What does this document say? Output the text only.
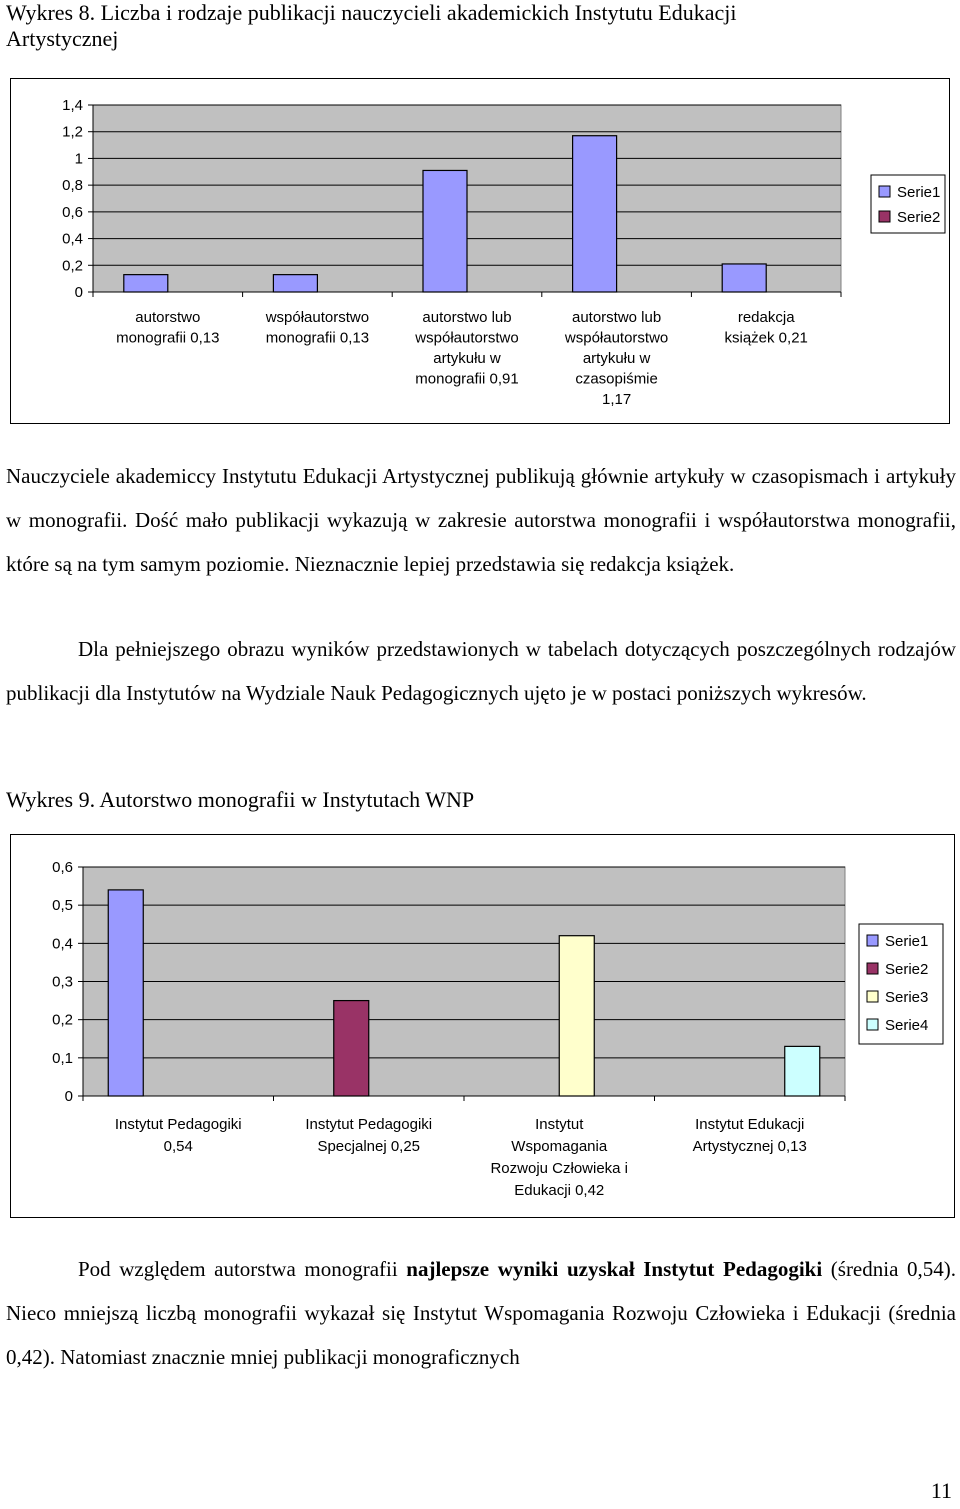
Wykres 8. Liczba i rodzaje publikacji nauczycieli akademickich Instytutu Edukacji
Artystycznej
0
0,2
0,4
0,6
0,8
1
1,2
1,4
autorstwo monografii 0,13
współautorstwo monografii 0,13
autorstwo lub współautorstwo artykułu w monografii 0,91
autorstwo lub współautorstwo artykułu w czasopiśmie 1,17
redakcja książek 0,21
Serie1
Serie2
Nauczyciele akademiccy Instytutu Edukacji Artystycznej publikują głównie artykuły w czasopismach i artykuły w monografii. Dość mało publikacji wykazują w zakresie autorstwa monografii i współautorstwa monografii, które są na tym samym poziomie. Nieznacznie lepiej przedstawia się redakcja książek.
Dla pełniejszego obrazu wyników przedstawionych w tabelach dotyczących poszczególnych rodzajów publikacji dla Instytutów na Wydziale Nauk Pedagogicznych ujęto je w postaci poniższych wykresów.
Wykres 9. Autorstwo monografii w Instytutach WNP
0
0,1
0,2
0,3
0,4
0,5
0,6
Instytut Pedagogiki 0,54
Instytut Pedagogiki Specjalnej 0,25
Instytut Wspomagania Rozwoju Człowieka i Edukacji 0,42
Instytut Edukacji Artystycznej 0,13
Serie1
Serie2
Serie3
Serie4
Pod względem autorstwa monografii najlepsze wyniki uzyskał Instytut Pedagogiki (średnia 0,54). Nieco mniejszą liczbą monografii wykazał się Instytut Wspomagania Rozwoju Człowieka i Edukacji (średnia 0,42). Natomiast znacznie mniej publikacji monograficznych
11
